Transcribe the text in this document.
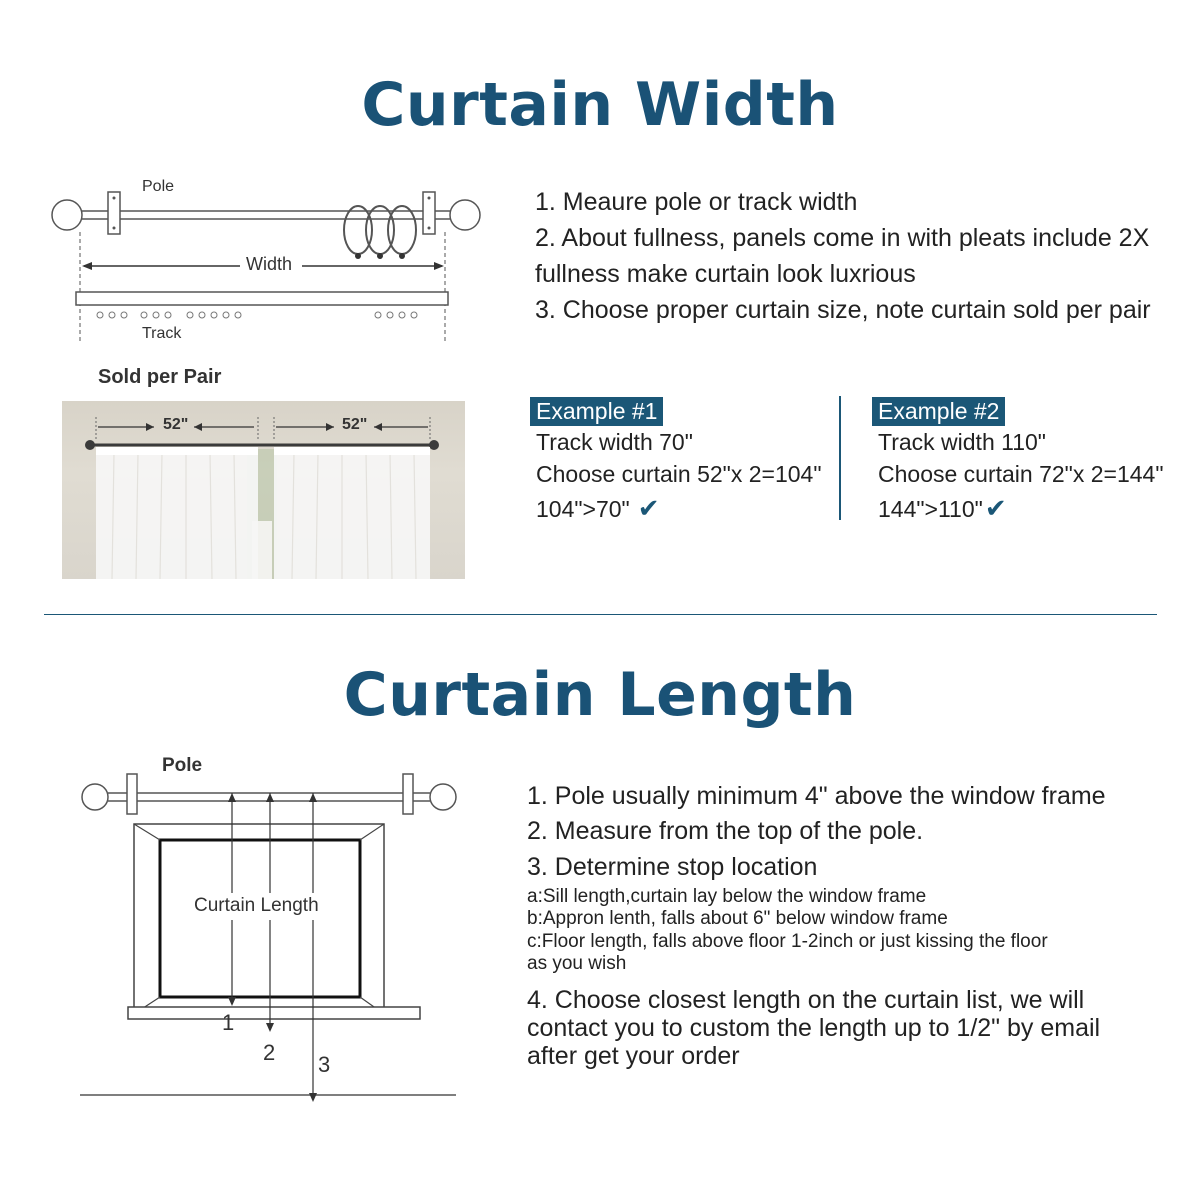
Curtain Width
Pole
Width
Track
1. Meaure pole or track width
2. About fullness, panels come in with pleats include 2X
fullness make curtain look luxrious
3. Choose proper curtain size, note curtain sold per pair
Sold per Pair
52"	52"
Example #1
Track width 70"
Choose curtain 52"x 2=104"
104">70" ✔
Example #2
Track width 110"
Choose curtain 72"x 2=144"
144">110"✔
Curtain Length
Pole
Curtain Length
1
2 3
1. Pole usually minimum 4" above the window frame
2. Measure from the top of the pole.
3. Determine stop location
a:Sill length,curtain lay below the window frame
b:Appron lenth, falls about 6" below window frame
c:Floor length, falls above floor 1-2inch or just kissing the floor
as you wish
4. Choose closest length on the curtain list, we will
contact you to custom the length up to 1/2" by email
after get your order
